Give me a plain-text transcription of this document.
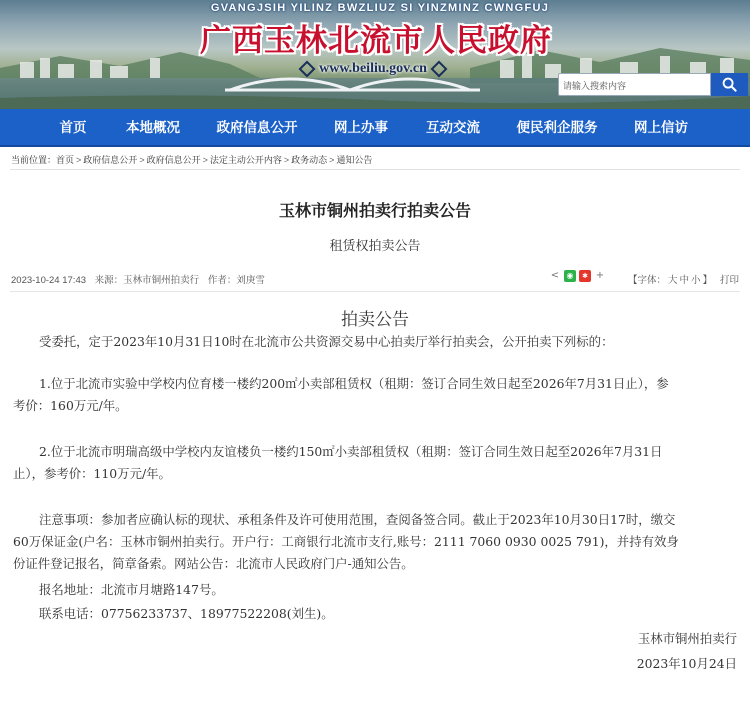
GVANGJSIH YILINZ BWZLIUZ SI YINZMINZ CWNGFUJ
广西玉林北流市人民政府
www.beiliu.gov.cn
请输入搜索内容
首页	本地概况	政府信息公开	网上办事	互动交流	便民利企服务	网上信访
当前位置：首页 > 政府信息公开 > 政府信息公开 > 法定主动公开内容 > 政务动态 > 通知公告
玉林市铜州拍卖行拍卖公告
租赁权拍卖公告
2023-10-24 17:43 来源：玉林市铜州拍卖行 作者：刘庚雪	< ◉	✱ +	【字体： 大 中 小 】 打印
拍卖公告
受委托，定于2023年10月31日10时在北流市公共资源交易中心拍卖厅举行拍卖会，公开拍卖下列标的：
1.位于北流市实验中学校内位育楼一楼约200㎡小卖部租赁权（租期：签订合同生效日起至2026年7月31日止），参
考价：160万元/年。
2.位于北流市明瑞高级中学校内友谊楼负一楼约150㎡小卖部租赁权（租期：签订合同生效日起至2026年7月31日
止），参考价：110万元/年。
注意事项：参加者应确认标的现状、承租条件及许可使用范围，查阅备签合同。截止于2023年10月30日17时，缴交
60万保证金(户名：玉林市铜州拍卖行。开户行：工商银行北流市支行,账号：2111 7060 0930 0025 791)，并持有效身
份证件登记报名，简章备索。网站公告：北流市人民政府门户-通知公告。
报名地址：北流市月塘路147号。
联系电话：07756233737、18977522208(刘生)。
玉林市铜州拍卖行
2023年10月24日
